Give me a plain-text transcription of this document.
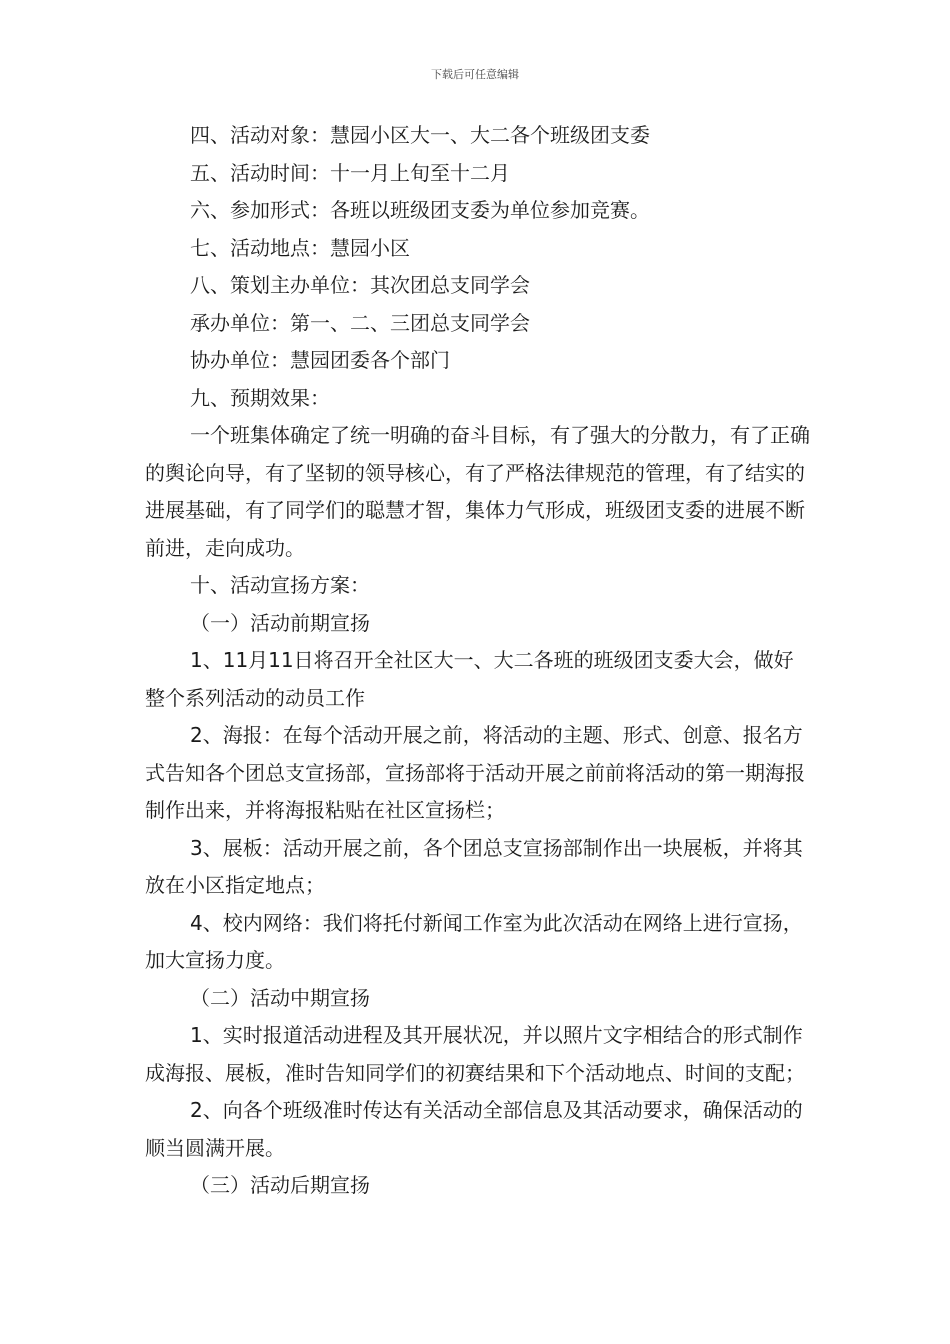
下载后可任意编辑

四、活动对象：慧园小区大一、大二各个班级团支委

五、活动时间：十一月上旬至十二月

六、参加形式：各班以班级团支委为单位参加竞赛。

七、活动地点：慧园小区

八、策划主办单位：其次团总支同学会

承办单位：第一、二、三团总支同学会

协办单位：慧园团委各个部门

九、预期效果：

一个班集体确定了统一明确的奋斗目标，有了强大的分散力，有了正确的舆论向导，有了坚韧的领导核心，有了严格法律规范的管理，有了结实的进展基础，有了同学们的聪慧才智，集体力气形成，班级团支委的进展不断前进，走向成功。

十、活动宣扬方案：

（一）活动前期宣扬

1、11月11日将召开全社区大一、大二各班的班级团支委大会，做好整个系列活动的动员工作

2、海报：在每个活动开展之前，将活动的主题、形式、创意、报名方式告知各个团总支宣扬部，宣扬部将于活动开展之前前将活动的第一期海报制作出来，并将海报粘贴在社区宣扬栏；

3、展板：活动开展之前，各个团总支宣扬部制作出一块展板，并将其放在小区指定地点；

4、校内网络：我们将托付新闻工作室为此次活动在网络上进行宣扬，加大宣扬力度。

（二）活动中期宣扬

1、实时报道活动进程及其开展状况，并以照片文字相结合的形式制作成海报、展板，准时告知同学们的初赛结果和下个活动地点、时间的支配；

2、向各个班级准时传达有关活动全部信息及其活动要求，确保活动的顺当圆满开展。

（三）活动后期宣扬
